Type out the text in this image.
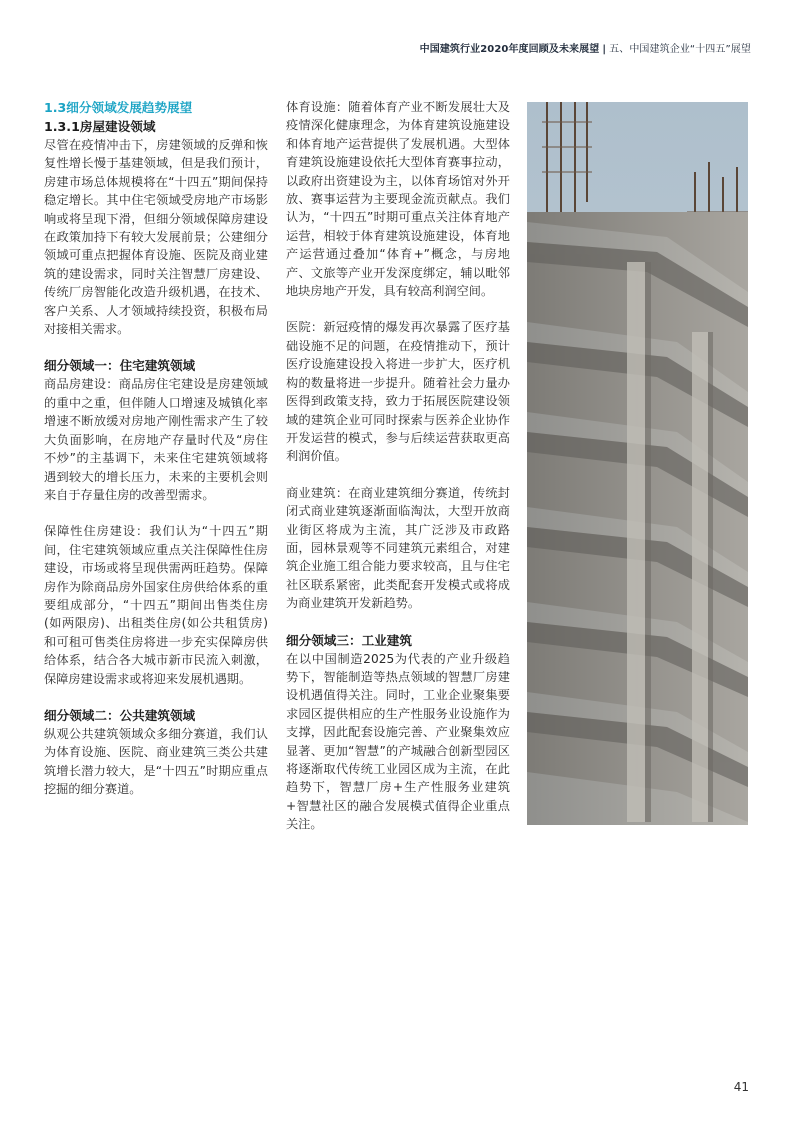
中国建筑行业2020年度回顾及未来展望 | 五、中国建筑企业“十四五”展望
1.3细分领域发展趋势展望
1.3.1房屋建设领域

尽管在疫情冲击下，房建领域的反弹和恢复性增长慢于基建领域，但是我们预计，房建市场总体规模将在“十四五”期间保持稳定增长。其中住宅领域受房地产市场影响或将呈现下滑，但细分领域保障房建设在政策加持下有较大发展前景；公建细分领域可重点把握体育设施、医院及商业建筑的建设需求，同时关注智慧厂房建设、传统厂房智能化改造升级机遇，在技术、客户关系、人才领域持续投资，积极布局对接相关需求。

细分领域一：住宅建筑领域

商品房建设：商品房住宅建设是房建领域的重中之重，但伴随人口增速及城镇化率增速不断放缓对房地产刚性需求产生了较大负面影响，在房地产存量时代及“房住不炒”的主基调下，未来住宅建筑领域将遇到较大的增长压力，未来的主要机会则来自于存量住房的改善型需求。

保障性住房建设：我们认为“十四五”期间，住宅建筑领域应重点关注保障性住房建设，市场或将呈现供需两旺趋势。保障房作为除商品房外国家住房供给体系的重要组成部分，“十四五”期间出售类住房(如两限房)、出租类住房(如公共租赁房)和可租可售类住房将进一步充实保障房供给体系，结合各大城市新市民流入刺激，保障房建设需求或将迎来发展机遇期。

细分领域二：公共建筑领域

纵观公共建筑领域众多细分赛道，我们认为体育设施、医院、商业建筑三类公共建筑增长潜力较大，是“十四五”时期应重点挖掘的细分赛道。

体育设施：随着体育产业不断发展壮大及疫情深化健康理念，为体育建筑设施建设和体育地产运营提供了发展机遇。大型体育建筑设施建设依托大型体育赛事拉动，以政府出资建设为主，以体育场馆对外开放、赛事运营为主要现金流贡献点。我们认为，“十四五”时期可重点关注体育地产运营，相较于体育建筑设施建设，体育地产运营通过叠加“体育+”概念，与房地产、文旅等产业开发深度绑定，辅以毗邻地块房地产开发，具有较高利润空间。

医院：新冠疫情的爆发再次暴露了医疗基础设施不足的问题，在疫情推动下，预计医疗设施建设投入将进一步扩大，医疗机构的数量将进一步提升。随着社会力量办医得到政策支持，致力于拓展医院建设领域的建筑企业可同时探索与医养企业协作开发运营的模式，参与后续运营获取更高利润价值。

商业建筑：在商业建筑细分赛道，传统封闭式商业建筑逐渐面临淘汰，大型开放商业街区将成为主流，其广泛涉及市政路面，园林景观等不同建筑元素组合，对建筑企业施工组合能力要求较高，且与住宅社区联系紧密，此类配套开发模式或将成为商业建筑开发新趋势。

细分领域三：工业建筑

在以中国制造2025为代表的产业升级趋势下，智能制造等热点领域的智慧厂房建设机遇值得关注。同时，工业企业聚集要求园区提供相应的生产性服务业设施作为支撑，因此配套设施完善、产业聚集效应显著、更加“智慧”的产城融合创新型园区将逐渐取代传统工业园区成为主流，在此趋势下，智慧厂房+生产性服务业建筑+智慧社区的融合发展模式值得企业重点关注。

41
